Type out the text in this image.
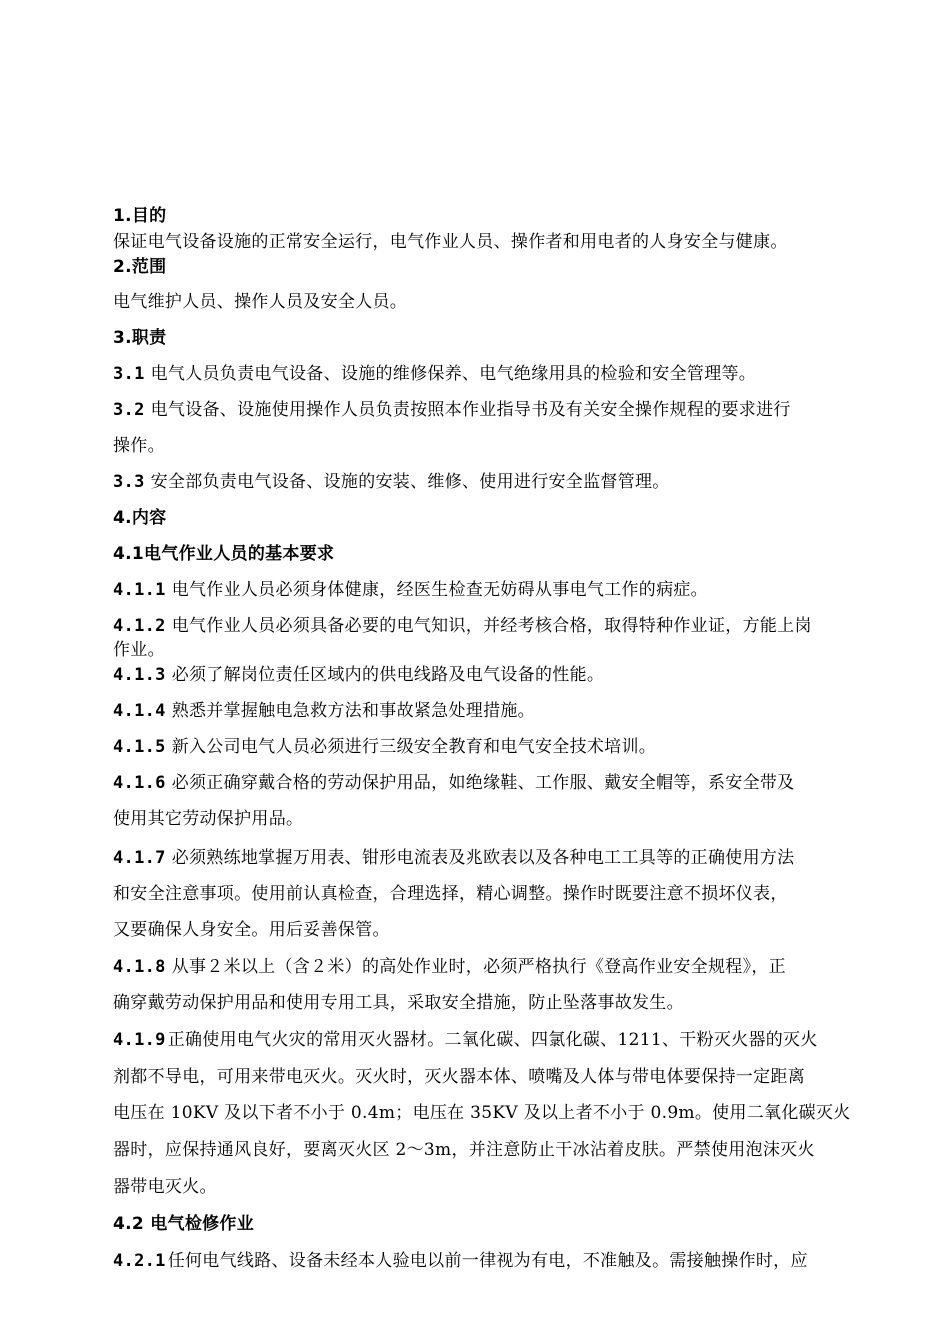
1.目的
保证电气设备设施的正常安全运行，电气作业人员、操作者和用电者的人身安全与健康。
2.范围
电气维护人员、操作人员及安全人员。
3.职责
3.1 电气人员负责电气设备、设施的维修保养、电气绝缘用具的检验和安全管理等。
3.2 电气设备、设施使用操作人员负责按照本作业指导书及有关安全操作规程的要求进行
操作。
3.3 安全部负责电气设备、设施的安装、维修、使用进行安全监督管理。
4.内容
4.1电气作业人员的基本要求
4.1.1 电气作业人员必须身体健康，经医生检查无妨碍从事电气工作的病症。
4.1.2 电气作业人员必须具备必要的电气知识，并经考核合格，取得特种作业证，方能上岗
作业。
4.1.3 必须了解岗位责任区域内的供电线路及电气设备的性能。
4.1.4 熟悉并掌握触电急救方法和事故紧急处理措施。
4.1.5 新入公司电气人员必须进行三级安全教育和电气安全技术培训。
4.1.6 必须正确穿戴合格的劳动保护用品，如绝缘鞋、工作服、戴安全帽等，系安全带及
使用其它劳动保护用品。
4.1.7 必须熟练地掌握万用表、钳形电流表及兆欧表以及各种电工工具等的正确使用方法
和安全注意事项。使用前认真检查，合理选择，精心调整。操作时既要注意不损坏仪表，
又要确保人身安全。用后妥善保管。
4.1.8 从事２米以上（含２米）的高处作业时，必须严格执行《登高作业安全规程》，正
确穿戴劳动保护用品和使用专用工具，采取安全措施，防止坠落事故发生。
4.1.9 正确使用电气火灾的常用灭火器材。二氧化碳、四氯化碳、1211、干粉灭火器的灭火
剂都不导电，可用来带电灭火。灭火时，灭火器本体、喷嘴及人体与带电体要保持一定距离
电压在 10KV 及以下者不小于 0.4m；电压在 35KV 及以上者不小于 0.9m。使用二氧化碳灭火
器时，应保持通风良好，要离灭火区 2～3m，并注意防止干冰沾着皮肤。严禁使用泡沫灭火
器带电灭火。
4.2 电气检修作业
4.2.1 任何电气线路、设备未经本人验电以前一律视为有电，不准触及。需接触操作时，应
